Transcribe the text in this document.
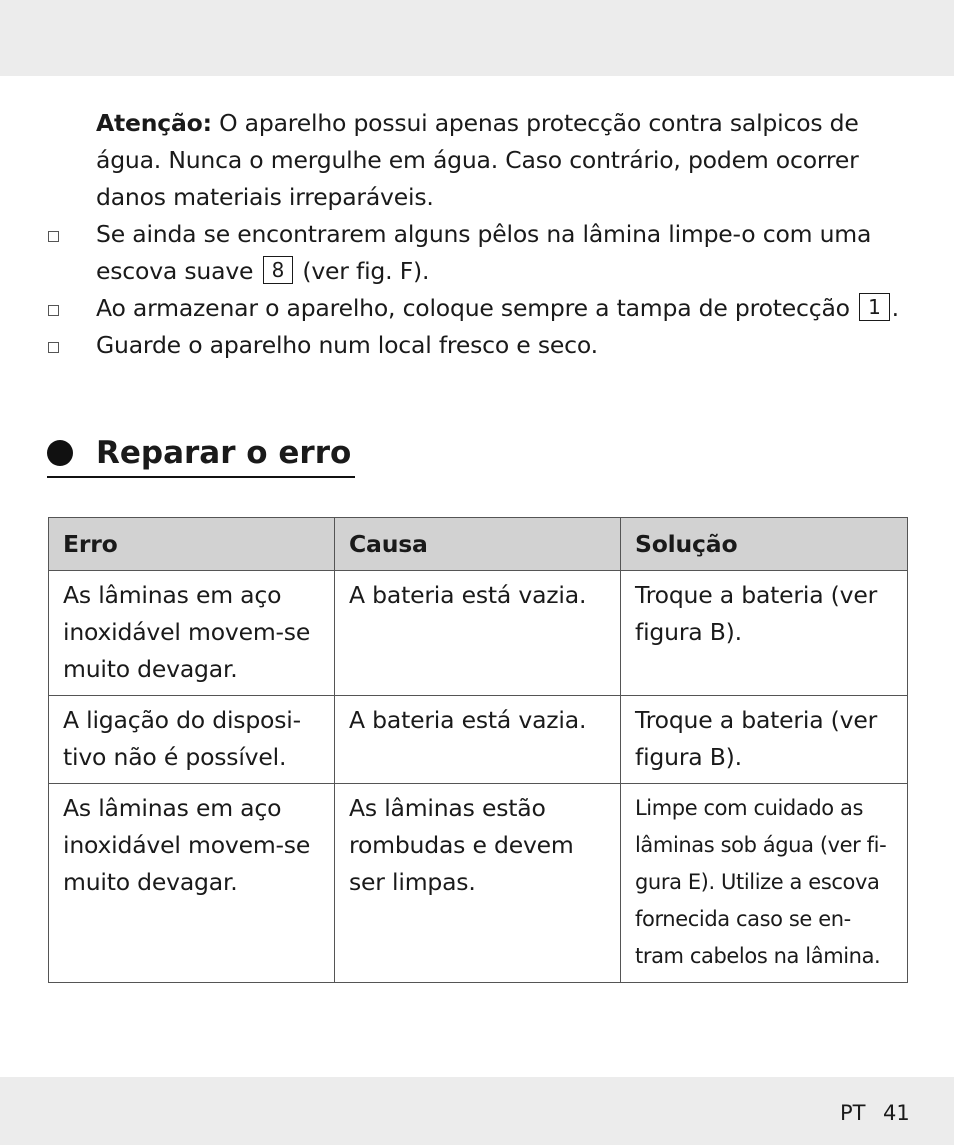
Atenção: O aparelho possui apenas protecção contra salpicos de
água. Nunca o mergulhe em água. Caso contrário, podem ocorrer
danos materiais irreparáveis.
Se ainda se encontrarem alguns pêlos na lâmina limpe-o com uma
escova suave 8 (ver fig. F).
Ao armazenar o aparelho, coloque sempre a tampa de protecção 1 .
Guarde o aparelho num local fresco e seco.
Reparar o erro
Erro	Causa	Solução

As lâminas em aço
inoxidável movem-se
muito devagar.	A bateria está vazia.	Troque a bateria (ver
figura B).

A ligação do disposi-
tivo não é possível.	A bateria está vazia.	Troque a bateria (ver
figura B).

As lâminas em aço
inoxidável movem-se
muito devagar.	As lâminas estão
rombudas e devem
ser limpas.	Limpe com cuidado as
lâminas sob água (ver fi-
gura E). Utilize a escova
fornecida caso se en-
tram cabelos na lâmina.
PT 41
